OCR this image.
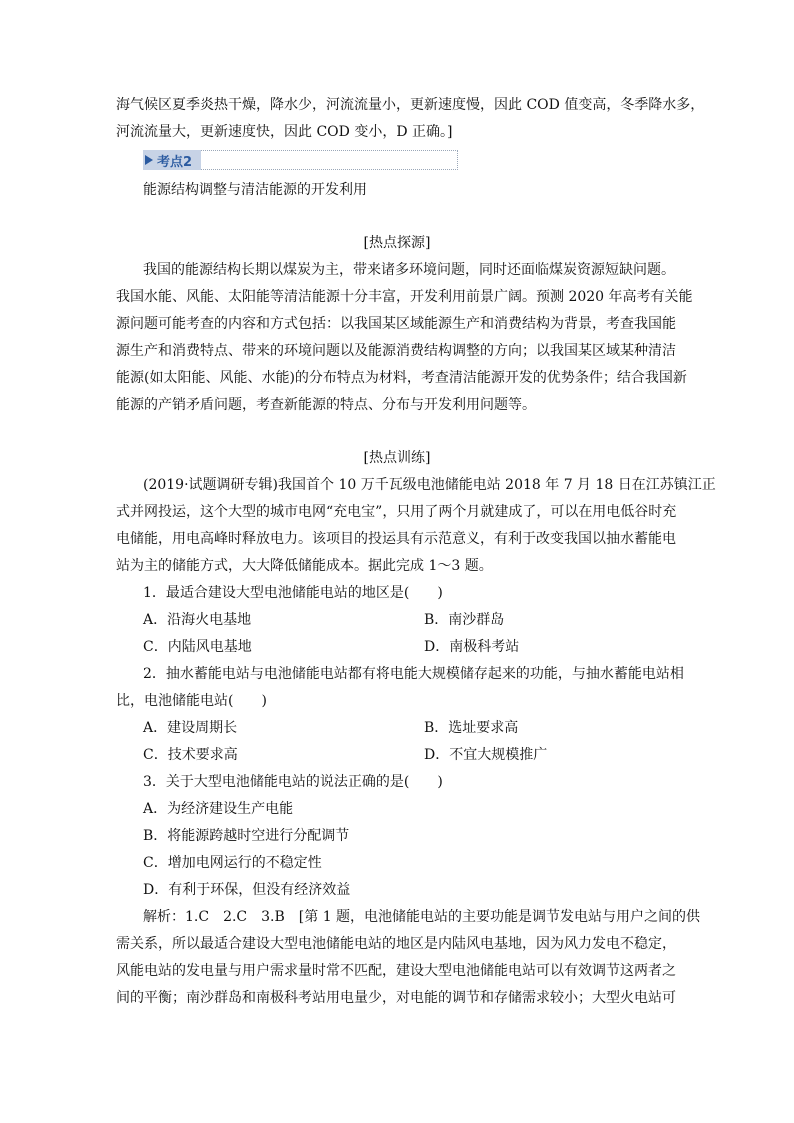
海气候区夏季炎热干燥，降水少，河流流量小，更新速度慢，因此 COD 值变高，冬季降水多，
河流流量大，更新速度快，因此 COD 变小，D 正确。]
考点2
能源结构调整与清洁能源的开发利用
[热点探源]
我国的能源结构长期以煤炭为主，带来诸多环境问题，同时还面临煤炭资源短缺问题。
我国水能、风能、太阳能等清洁能源十分丰富，开发利用前景广阔。预测 2020 年高考有关能
源问题可能考查的内容和方式包括：以我国某区域能源生产和消费结构为背景，考查我国能
源生产和消费特点、带来的环境问题以及能源消费结构调整的方向；以我国某区域某种清洁
能源(如太阳能、风能、水能)的分布特点为材料，考查清洁能源开发的优势条件；结合我国新
能源的产销矛盾问题，考查新能源的特点、分布与开发利用问题等。
[热点训练]
(2019·试题调研专辑)我国首个 10 万千瓦级电池储能电站 2018 年 7 月 18 日在江苏镇江正
式并网投运，这个大型的城市电网“充电宝”，只用了两个月就建成了，可以在用电低谷时充
电储能，用电高峰时释放电力。该项目的投运具有示范意义，有利于改变我国以抽水蓄能电
站为主的储能方式，大大降低储能成本。据此完成 1～3 题。
1．最适合建设大型电池储能电站的地区是(　　)
A．沿海火电基地	B．南沙群岛
C．内陆风电基地	D．南极科考站
2．抽水蓄能电站与电池储能电站都有将电能大规模储存起来的功能，与抽水蓄能电站相
比，电池储能电站(　　)
A．建设周期长	B．选址要求高
C．技术要求高	D．不宜大规模推广
3．关于大型电池储能电站的说法正确的是(　　)
A．为经济建设生产电能
B．将能源跨越时空进行分配调节
C．增加电网运行的不稳定性
D．有利于环保，但没有经济效益
解析：1.C　2.C　3.B　[第 1 题，电池储能电站的主要功能是调节发电站与用户之间的供
需关系，所以最适合建设大型电池储能电站的地区是内陆风电基地，因为风力发电不稳定，
风能电站的发电量与用户需求量时常不匹配，建设大型电池储能电站可以有效调节这两者之
间的平衡；南沙群岛和南极科考站用电量少，对电能的调节和存储需求较小；大型火电站可
